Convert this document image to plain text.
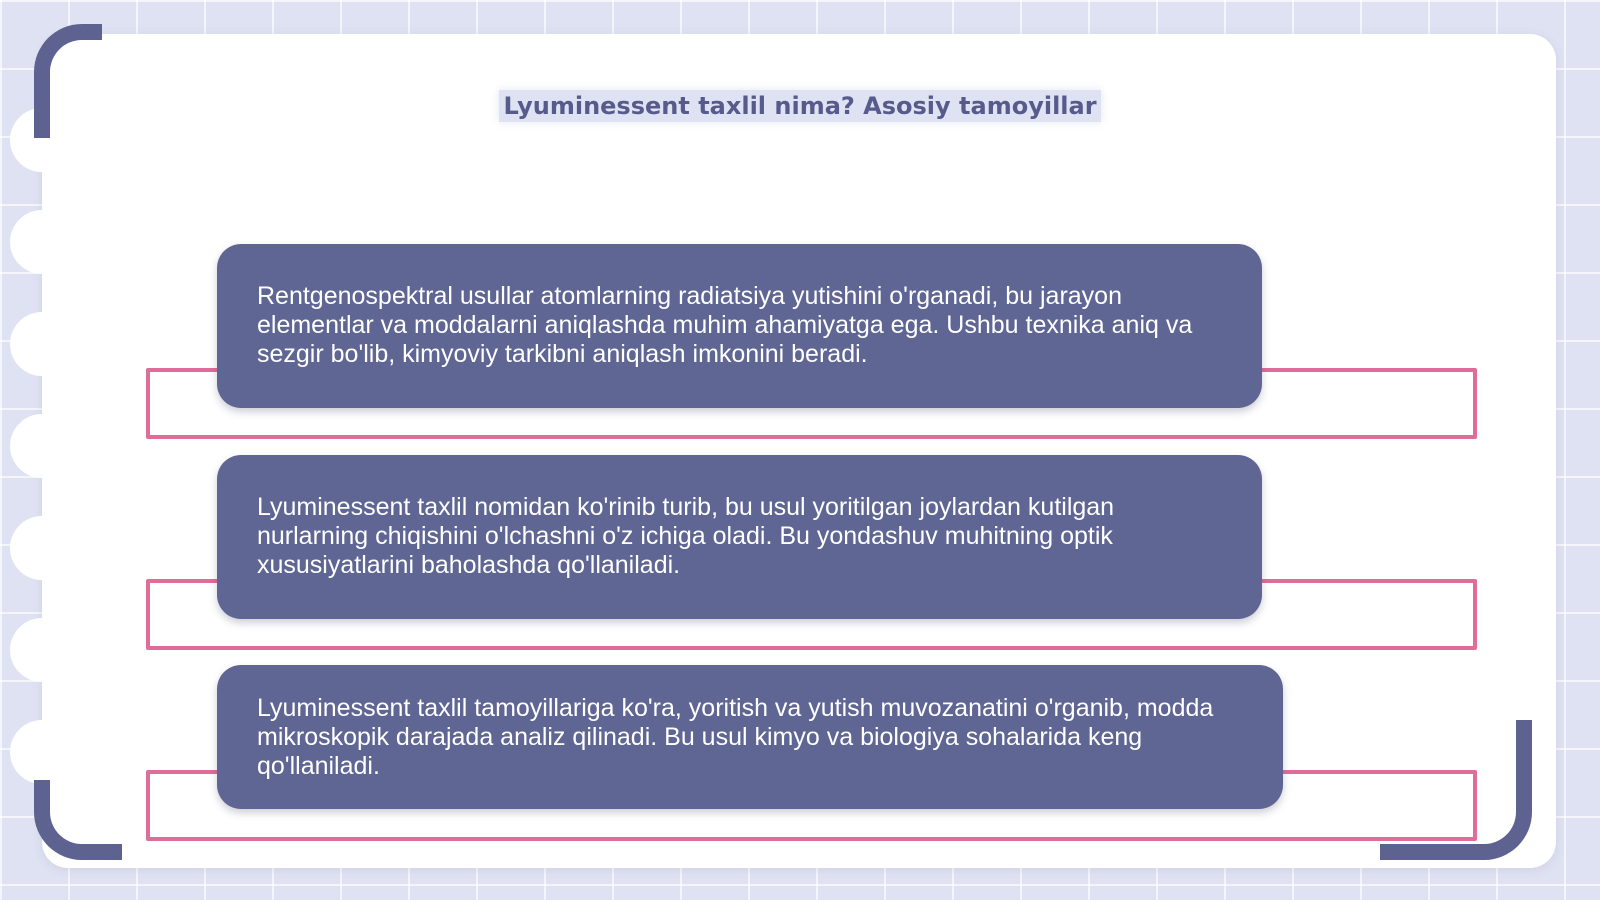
Lyuminessent taxlil nima? Asosiy tamoyillar

Rentgenospektral usullar atomlarning radiatsiya yutishini o'rganadi, bu jarayon elementlar va moddalarni aniqlashda muhim ahamiyatga ega. Ushbu texnika aniq va sezgir bo'lib, kimyoviy tarkibni aniqlash imkonini beradi.

Lyuminessent taxlil nomidan ko'rinib turib, bu usul yoritilgan joylardan kutilgan nurlarning chiqishini o'lchashni o'z ichiga oladi. Bu yondashuv muhitning optik xususiyatlarini baholashda qo'llaniladi.

Lyuminessent taxlil tamoyillariga ko'ra, yoritish va yutish muvozanatini o'rganib, modda mikroskopik darajada analiz qilinadi. Bu usul kimyo va biologiya sohalarida keng qo'llaniladi.
